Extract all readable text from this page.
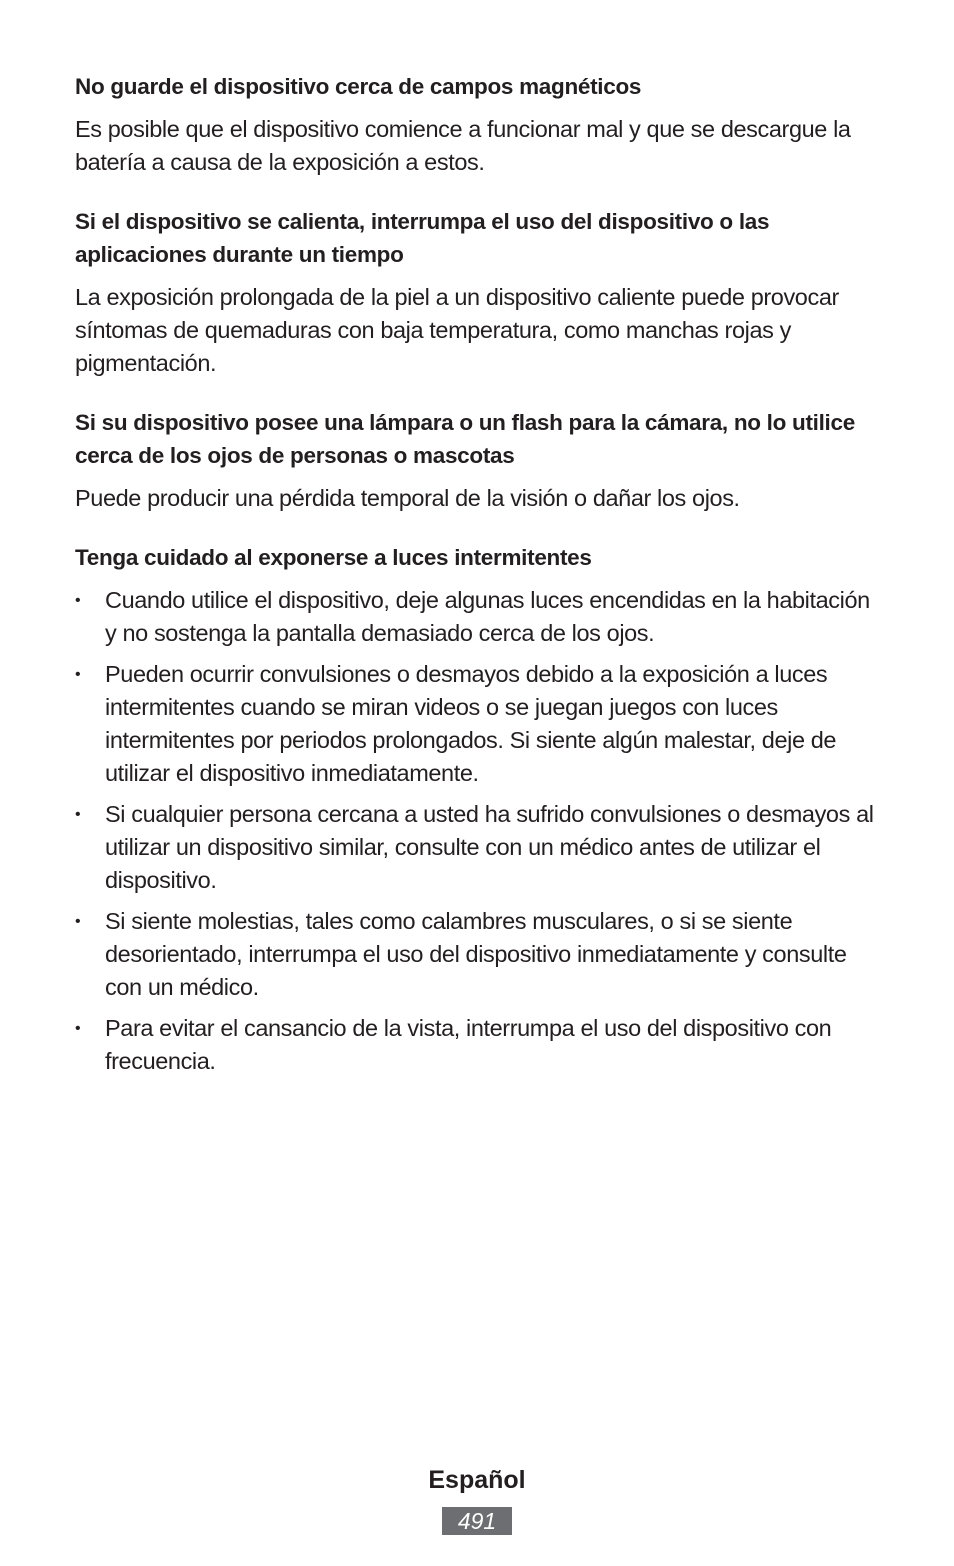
No guarde el dispositivo cerca de campos magnéticos

Es posible que el dispositivo comience a funcionar mal y que se descargue la batería a causa de la exposición a estos.

Si el dispositivo se calienta, interrumpa el uso del dispositivo o las aplicaciones durante un tiempo

La exposición prolongada de la piel a un dispositivo caliente puede provocar síntomas de quemaduras con baja temperatura, como manchas rojas y pigmentación.

Si su dispositivo posee una lámpara o un flash para la cámara, no lo utilice cerca de los ojos de personas o mascotas

Puede producir una pérdida temporal de la visión o dañar los ojos.

Tenga cuidado al exponerse a luces intermitentes
• Cuando utilice el dispositivo, deje algunas luces encendidas en la habitación y no sostenga la pantalla demasiado cerca de los ojos.
• Pueden ocurrir convulsiones o desmayos debido a la exposición a luces intermitentes cuando se miran videos o se juegan juegos con luces intermitentes por periodos prolongados. Si siente algún malestar, deje de utilizar el dispositivo inmediatamente.
• Si cualquier persona cercana a usted ha sufrido convulsiones o desmayos al utilizar un dispositivo similar, consulte con un médico antes de utilizar el dispositivo.
• Si siente molestias, tales como calambres musculares, o si se siente desorientado, interrumpa el uso del dispositivo inmediatamente y consulte con un médico.
• Para evitar el cansancio de la vista, interrumpa el uso del dispositivo con frecuencia.
Español
491
